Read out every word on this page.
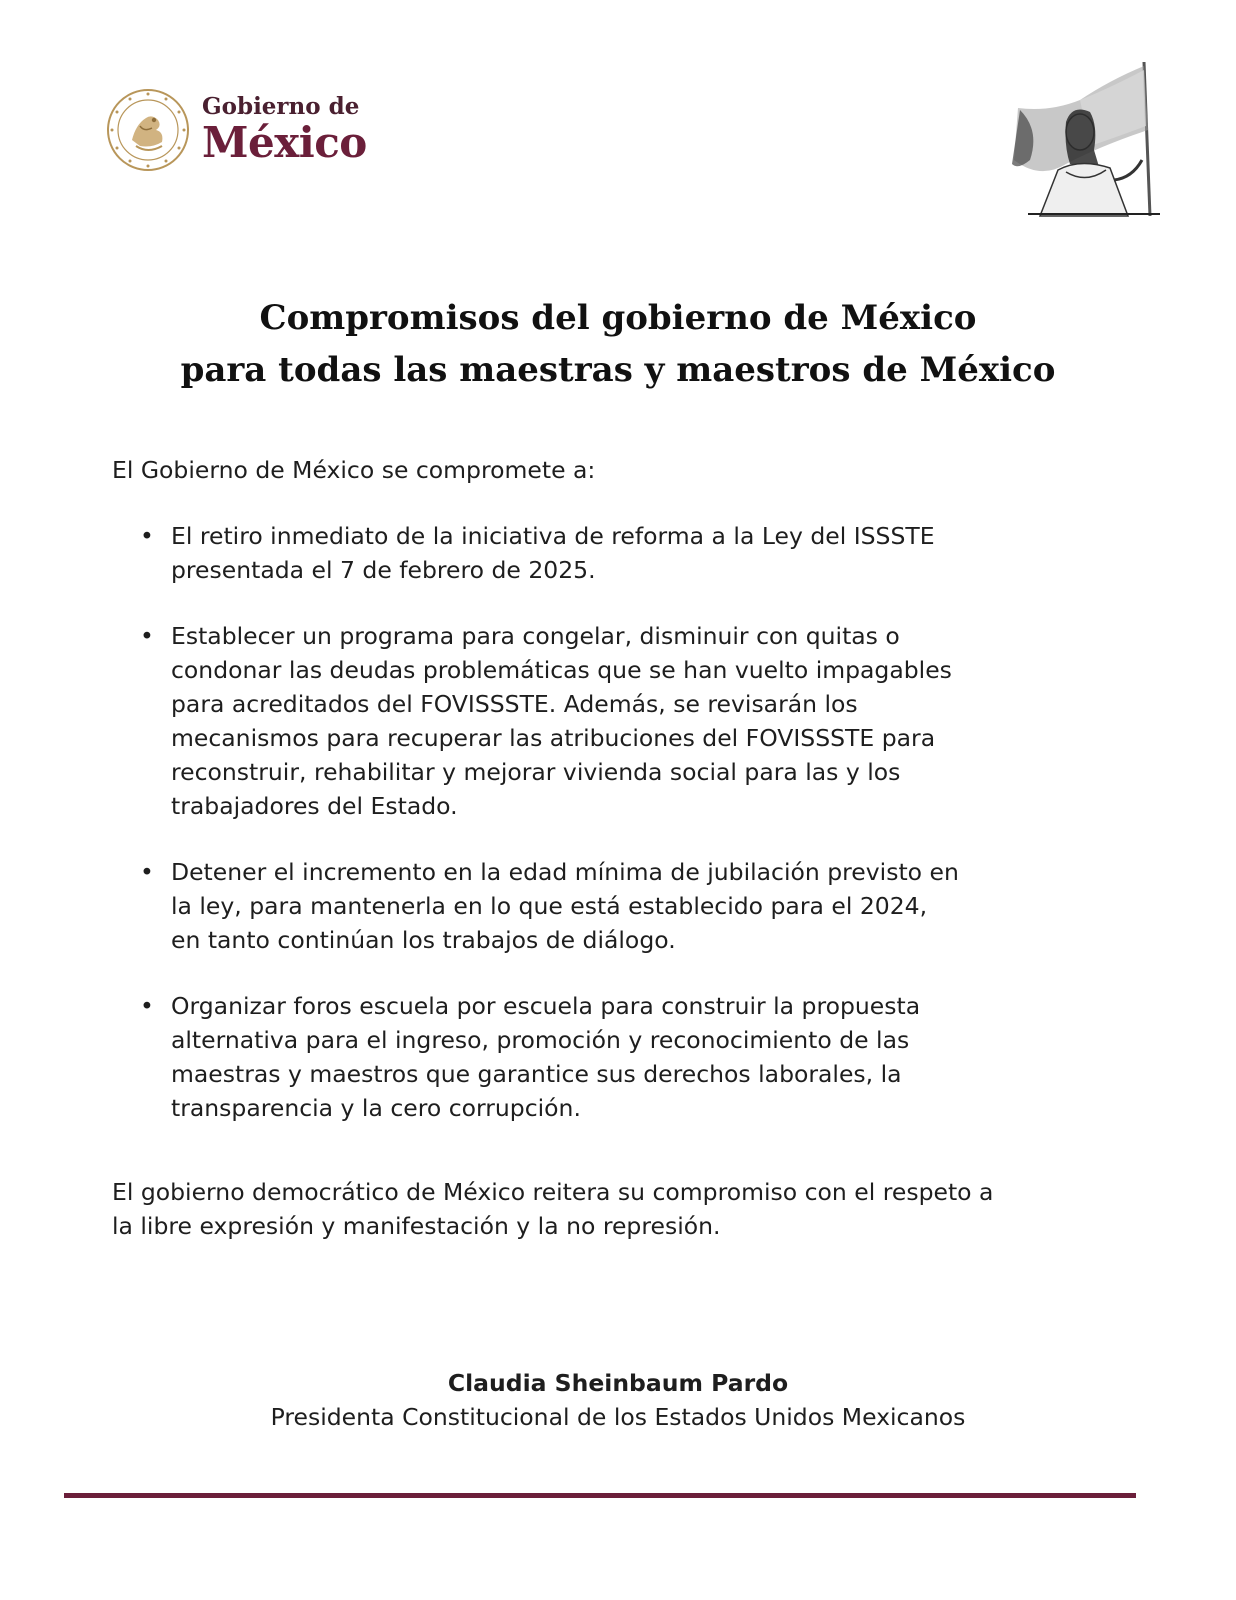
Gobierno de
México
Compromisos del gobierno de México
para todas las maestras y maestros de México

El Gobierno de México se compromete a:

• El retiro inmediato de la iniciativa de reforma a la Ley del ISSSTE
presentada el 7 de febrero de 2025.
• Establecer un programa para congelar, disminuir con quitas o
condonar las deudas problemáticas que se han vuelto impagables
para acreditados del FOVISSSTE. Además, se revisarán los
mecanismos para recuperar las atribuciones del FOVISSSTE para
reconstruir, rehabilitar y mejorar vivienda social para las y los
trabajadores del Estado.
• Detener el incremento en la edad mínima de jubilación previsto en
la ley, para mantenerla en lo que está establecido para el 2024,
en tanto continúan los trabajos de diálogo.
• Organizar foros escuela por escuela para construir la propuesta
alternativa para el ingreso, promoción y reconocimiento de las
maestras y maestros que garantice sus derechos laborales, la
transparencia y la cero corrupción.
El gobierno democrático de México reitera su compromiso con el respeto a
la libre expresión y manifestación y la no represión.
Claudia Sheinbaum Pardo
Presidenta Constitucional de los Estados Unidos Mexicanos
